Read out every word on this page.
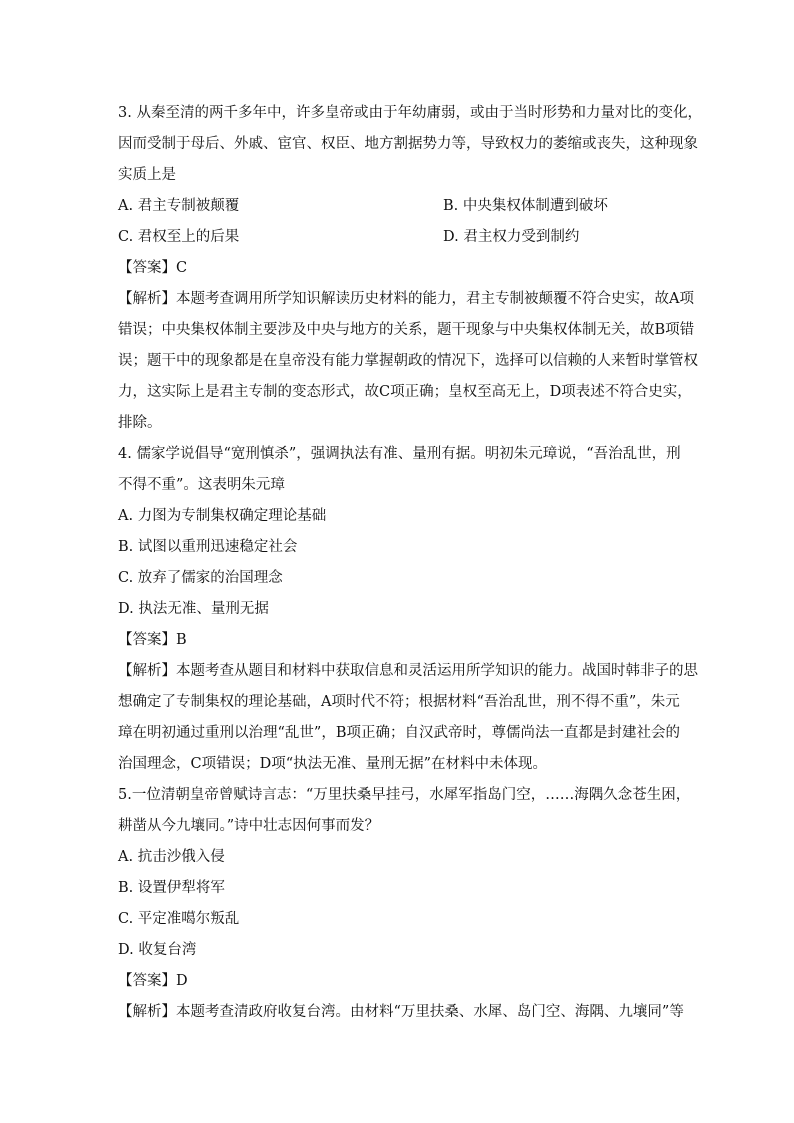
3. 从秦至清的两千多年中，许多皇帝或由于年幼庸弱，或由于当时形势和力量对比的变化，
因而受制于母后、外戚、宦官、权臣、地方割据势力等，导致权力的萎缩或丧失，这种现象
实质上是
A. 君主专制被颠覆	B. 中央集权体制遭到破坏
C. 君权至上的后果	D. 君主权力受到制约
【答案】C
【解析】本题考查调用所学知识解读历史材料的能力，君主专制被颠覆不符合史实，故A项
错误；中央集权体制主要涉及中央与地方的关系，题干现象与中央集权体制无关，故B项错
误；题干中的现象都是在皇帝没有能力掌握朝政的情况下，选择可以信赖的人来暂时掌管权
力，这实际上是君主专制的变态形式，故C项正确；皇权至高无上，D项表述不符合史实，
排除。
4. 儒家学说倡导“宽刑慎杀”，强调执法有准、量刑有据。明初朱元璋说，“吾治乱世，刑
不得不重”。这表明朱元璋
A. 力图为专制集权确定理论基础
B. 试图以重刑迅速稳定社会
C. 放弃了儒家的治国理念
D. 执法无准、量刑无据
【答案】B
【解析】本题考查从题目和材料中获取信息和灵活运用所学知识的能力。战国时韩非子的思
想确定了专制集权的理论基础，A项时代不符；根据材料“吾治乱世，刑不得不重”，朱元
璋在明初通过重刑以治理“乱世”，B项正确；自汉武帝时，尊儒尚法一直都是封建社会的
治国理念，C项错误；D项“执法无准、量刑无据”在材料中未体现。
5.一位清朝皇帝曾赋诗言志：“万里扶桑早挂弓，水犀军指岛门空，……海隅久念苍生困，
耕凿从今九壤同。”诗中壮志因何事而发？
A. 抗击沙俄入侵
B. 设置伊犁将军
C. 平定准噶尔叛乱
D. 收复台湾
【答案】D
【解析】本题考查清政府收复台湾。由材料“万里扶桑、水犀、岛门空、海隅、九壤同”等
